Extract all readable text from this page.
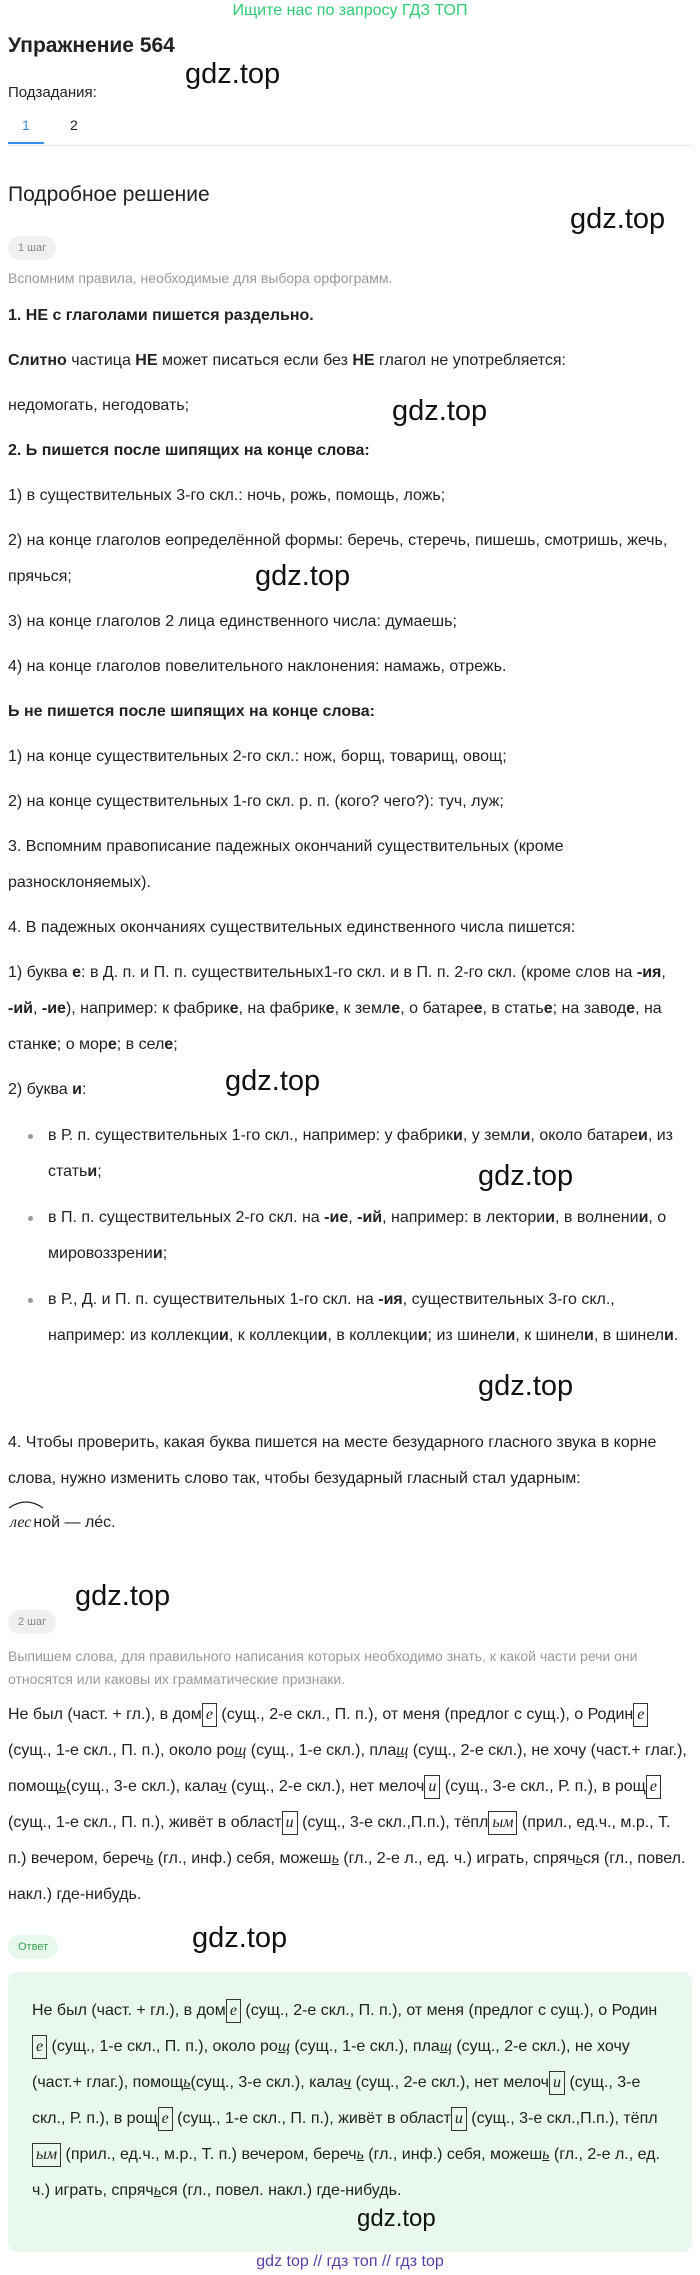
Ищите нас по запросу ГДЗ ТОП
Упражнение 564
Подзадания:
1	2
Подробное решение
1 шаг
Вспомним правила, необходимые для выбора орфограмм.

1. НЕ с глаголами пишется раздельно.

Слитно частица НЕ может писаться если без НЕ глагол не употребляется:

недомогать, негодовать;

2. Ь пишется после шипящих на конце слова:

1) в существительных 3-го скл.: ночь, рожь, помощь, ложь;

2) на конце глаголов еопределённой формы: беречь, стеречь, пишешь, смотришь, жечь, прячься;

3) на конце глаголов 2 лица единственного числа: думаешь;

4) на конце глаголов повелительного наклонения: намажь, отрежь.

Ь не пишется после шипящих на конце слова:

1) на конце существительных 2-го скл.: нож, борщ, товарищ, овощ;

2) на конце существительных 1-го скл. р. п. (кого? чего?): туч, луж;

3. Вспомним правописание падежных окончаний существительных (кроме разносклоняемых).

4. В падежных окончаниях существительных единственного числа пишется:

1) буква е: в Д. п. и П. п. существительных1-го скл. и в П. п. 2-го скл. (кроме слов на -ия, -ий, -ие), например: к фабрике, на фабрике, к земле, о батарее, в статье; на заводе, на станке; о море; в селе;

2) буква и:

в Р. п. существительных 1-го скл., например: у фабрики, у земли, около батареи, из статьи;
в П. п. существительных 2-го скл. на -ие, -ий, например: в лектории, в волнении, о мировоззрении;
в Р., Д. и П. п. существительных 1-го скл. на -ия, существительных 3-го скл., например: из коллекции, к коллекции, в коллекции; из шинели, к шинели, в шинели.

4. Чтобы проверить, какая буква пишется на месте безударного гласного звука в корне слова, нужно изменить слово так, чтобы безударный гласный стал ударным:

лес ной — ле́с.

2 шаг
Выпишем слова, для правильного написания которых необходимо знать, к какой части речи они относятся или каковы их грамматические признаки.

Не был (част. + гл.), в дом е (сущ., 2-е скл., П. п.), от меня (предлог с сущ.), о Родин е (сущ., 1-е скл., П. п.), около рощ (сущ., 1-е скл.), плащ (сущ., 2-е скл.), не хочу (част.+ глаг.), помощь(сущ., 3-е скл.), калач (сущ., 2-е скл.), нет мелоч и (сущ., 3-е скл., Р. п.), в рощ е (сущ., 1-е скл., П. п.), живёт в област и (сущ., 3-е скл.,П.п.), тёпл ым (прил., ед.ч., м.р., Т. п.) вечером, беречь (гл., инф.) себя, можешь (гл., 2-е л., ед. ч.) играть, спрячься (гл., повел. накл.) где-нибудь.

Ответ
Не был (част. + гл.), в дом е (сущ., 2-е скл., П. п.), от меня (предлог с сущ.), о Родине (сущ., 1-е скл., П. п.), около рощ (сущ., 1-е скл.), плащ (сущ., 2-е скл.), не хочу (част.+ глаг.), помощь(сущ., 3-е скл.), калач (сущ., 2-е скл.), нет мелоч и (сущ., 3-е скл., Р. п.), в рощ е (сущ., 1-е скл., П. п.), живёт в област и (сущ., 3-е скл.,П.п.), тёплым (прил., ед.ч., м.р., Т. п.) вечером, беречь (гл., инф.) себя, можешь (гл., 2-е л., ед. ч.) играть, спрячься (гл., повел. накл.) где-нибудь.
gdz.top
gdz.top
gdz.top
gdz.top
gdz.top
gdz.top
gdz.top
gdz.top
gdz.top
gdz.top
gdz top // гдз топ // гдз top
